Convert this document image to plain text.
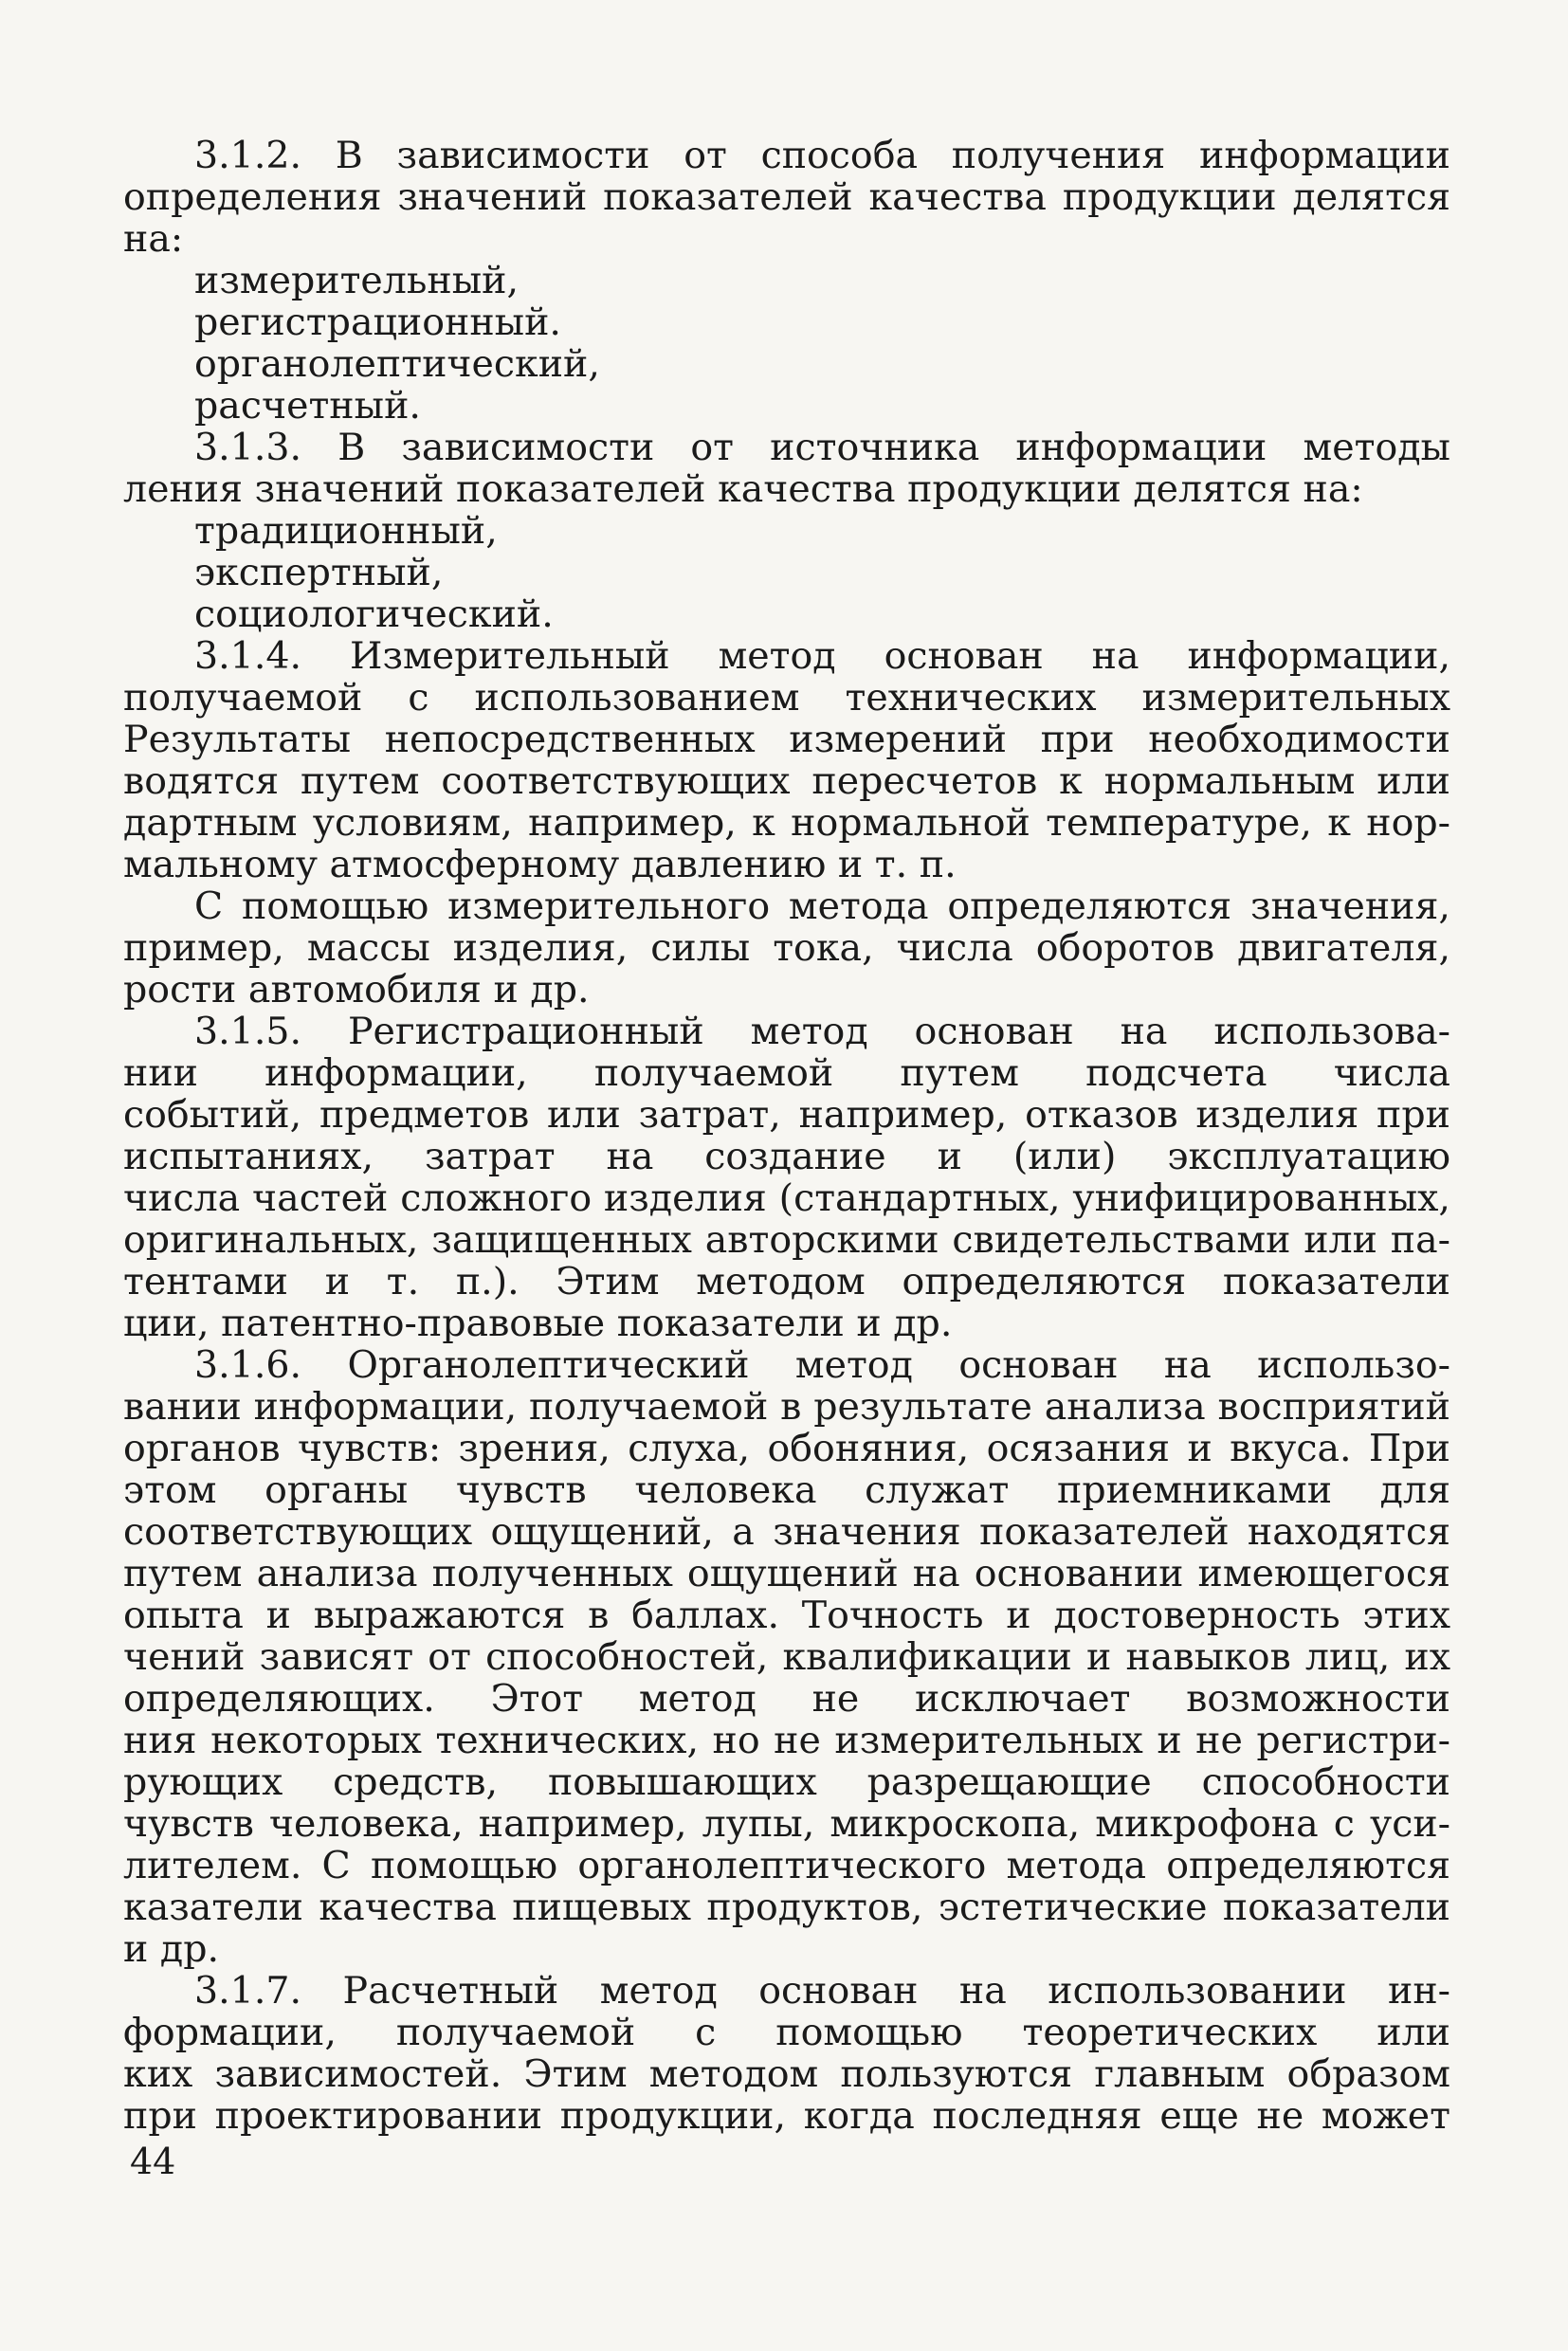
3.1.2. В зависимости от способа получения информации
определения значений показателей качества продукции делятся
на:
измерительный,
регистрационный.
органолептический,
расчетный.
3.1.3. В зависимости от источника информации методы
ления значений показателей качества продукции делятся на:
традиционный,
экспертный,
социологический.
3.1.4. Измерительный метод основан на информации,
получаемой с использованием технических измерительных
Результаты непосредственных измерений при необходимости
водятся путем соответствующих пересчетов к нормальным или
дартным условиям, например, к нормальной температуре, к нор-
мальному атмосферному давлению и т. п.
С помощью измерительного метода определяются значения,
пример, массы изделия, силы тока, числа оборотов двигателя,
рости автомобиля и др.
3.1.5. Регистрационный метод основан на использова-
нии информации, получаемой путем подсчета числа
событий, предметов или затрат, например, отказов изделия при
испытаниях, затрат на создание и (или) эксплуатацию
числа частей сложного изделия (стандартных, унифицированных,
оригинальных, защищенных авторскими свидетельствами или па-
тентами и т. п.). Этим методом определяются показатели
ции, патентно-правовые показатели и др.
3.1.6. Органолептический метод основан на использо-
вании информации, получаемой в результате анализа восприятий
органов чувств: зрения, слуха, обоняния, осязания и вкуса. При
этом органы чувств человека служат приемниками для
соответствующих ощущений, а значения показателей находятся
путем анализа полученных ощущений на основании имеющегося
опыта и выражаются в баллах. Точность и достоверность этих
чений зависят от способностей, квалификации и навыков лиц, их
определяющих. Этот метод не исключает возможности
ния некоторых технических, но не измерительных и не регистри-
рующих средств, повышающих разрещающие способности
чувств человека, например, лупы, микроскопа, микрофона с уси-
лителем. С помощью органолептического метода определяются
казатели качества пищевых продуктов, эстетические показатели
и др.
3.1.7. Расчетный метод основан на использовании ин-
формации, получаемой с помощью теоретических или
ких зависимостей. Этим методом пользуются главным образом
при проектировании продукции, когда последняя еще не может
44
